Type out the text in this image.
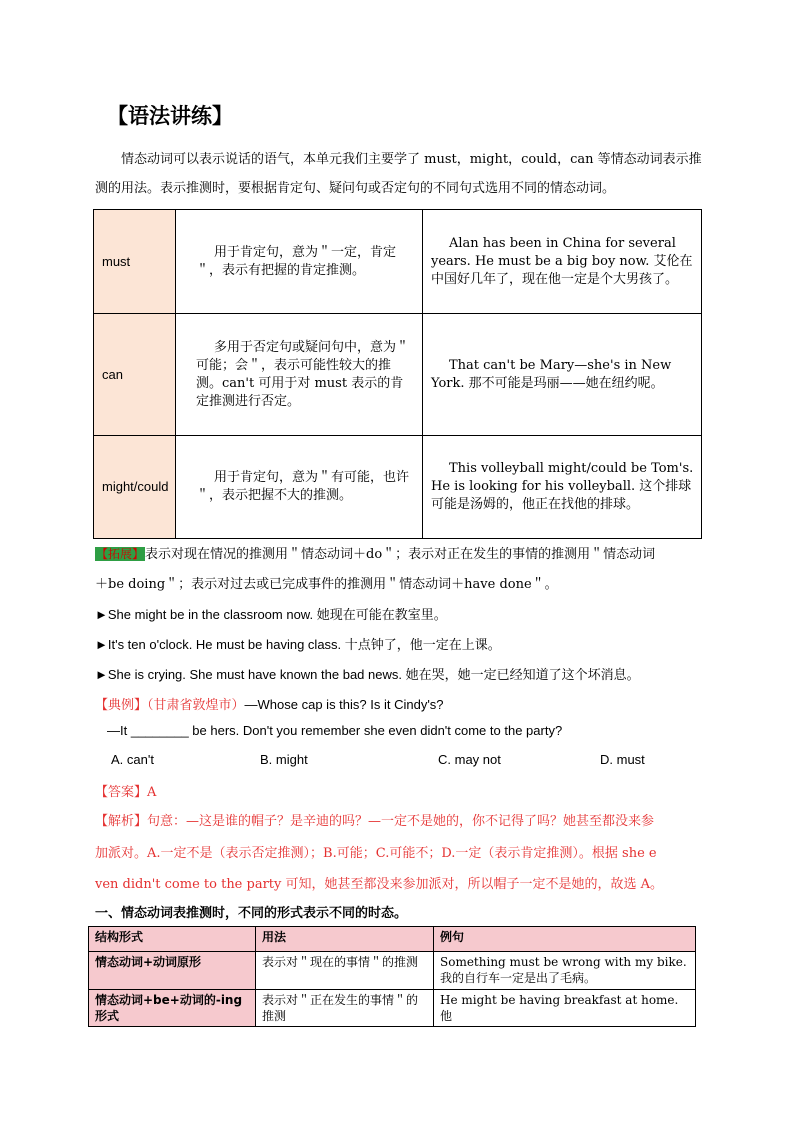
【语法讲练】
情态动词可以表示说话的语气，本单元我们主要学了 must，might，could，can 等情态动词表示推测的用法。表示推测时，要根据肯定句、疑问句或否定句的不同句式选用不同的情态动词。
must	用于肯定句，意为＂一定，肯定＂，表示有把握的肯定推测。	Alan has been in China for several years. He must be a big boy now. 艾伦在中国好几年了，现在他一定是个大男孩了。

can	多用于否定句或疑问句中，意为＂可能；会＂，表示可能性较大的推测。can't 可用于对 must 表示的肯定推测进行否定。	That can't be Mary—she's in New York. 那不可能是玛丽——她在纽约呢。

might/could	用于肯定句，意为＂有可能，也许＂，表示把握不大的推测。	This volleyball might/could be Tom's. He is looking for his volleyball. 这个排球可能是汤姆的，他正在找他的排球。

【拓展】表示对现在情况的推测用＂情态动词＋do＂；表示对正在发生的事情的推测用＂情态动词
＋be doing＂；表示对过去或已完成事件的推测用＂情态动词＋have done＂。
►She might be in the classroom now. 她现在可能在教室里。
►It's ten o'clock. He must be having class. 十点钟了，他一定在上课。
►She is crying. She must have known the bad news. 她在哭，她一定已经知道了这个坏消息。
【典例】（甘肃省敦煌市）—Whose cap is this? Is it Cindy's?
—It ________ be hers. Don't you remember she even didn't come to the party?
A. can't	B. might	C. may not	D. must
【答案】A
【解析】句意：—这是谁的帽子？是辛迪的吗？—一定不是她的，你不记得了吗？她甚至都没来参
加派对。A.一定不是（表示否定推测）；B.可能；C.可能不；D.一定（表示肯定推测）。根据 she e
ven didn't come to the party 可知，她甚至都没来参加派对，所以帽子一定不是她的，故选 A。
一、情态动词表推测时，不同的形式表示不同的时态。
结构形式	用法	例句
情态动词+动词原形	表示对＂现在的事情＂的推测	Something must be wrong with my bike. 我的自行车一定是出了毛病。
情态动词+be+动词的-ing 形式	表示对＂正在发生的事情＂的推测	He might be having breakfast at home. 他
